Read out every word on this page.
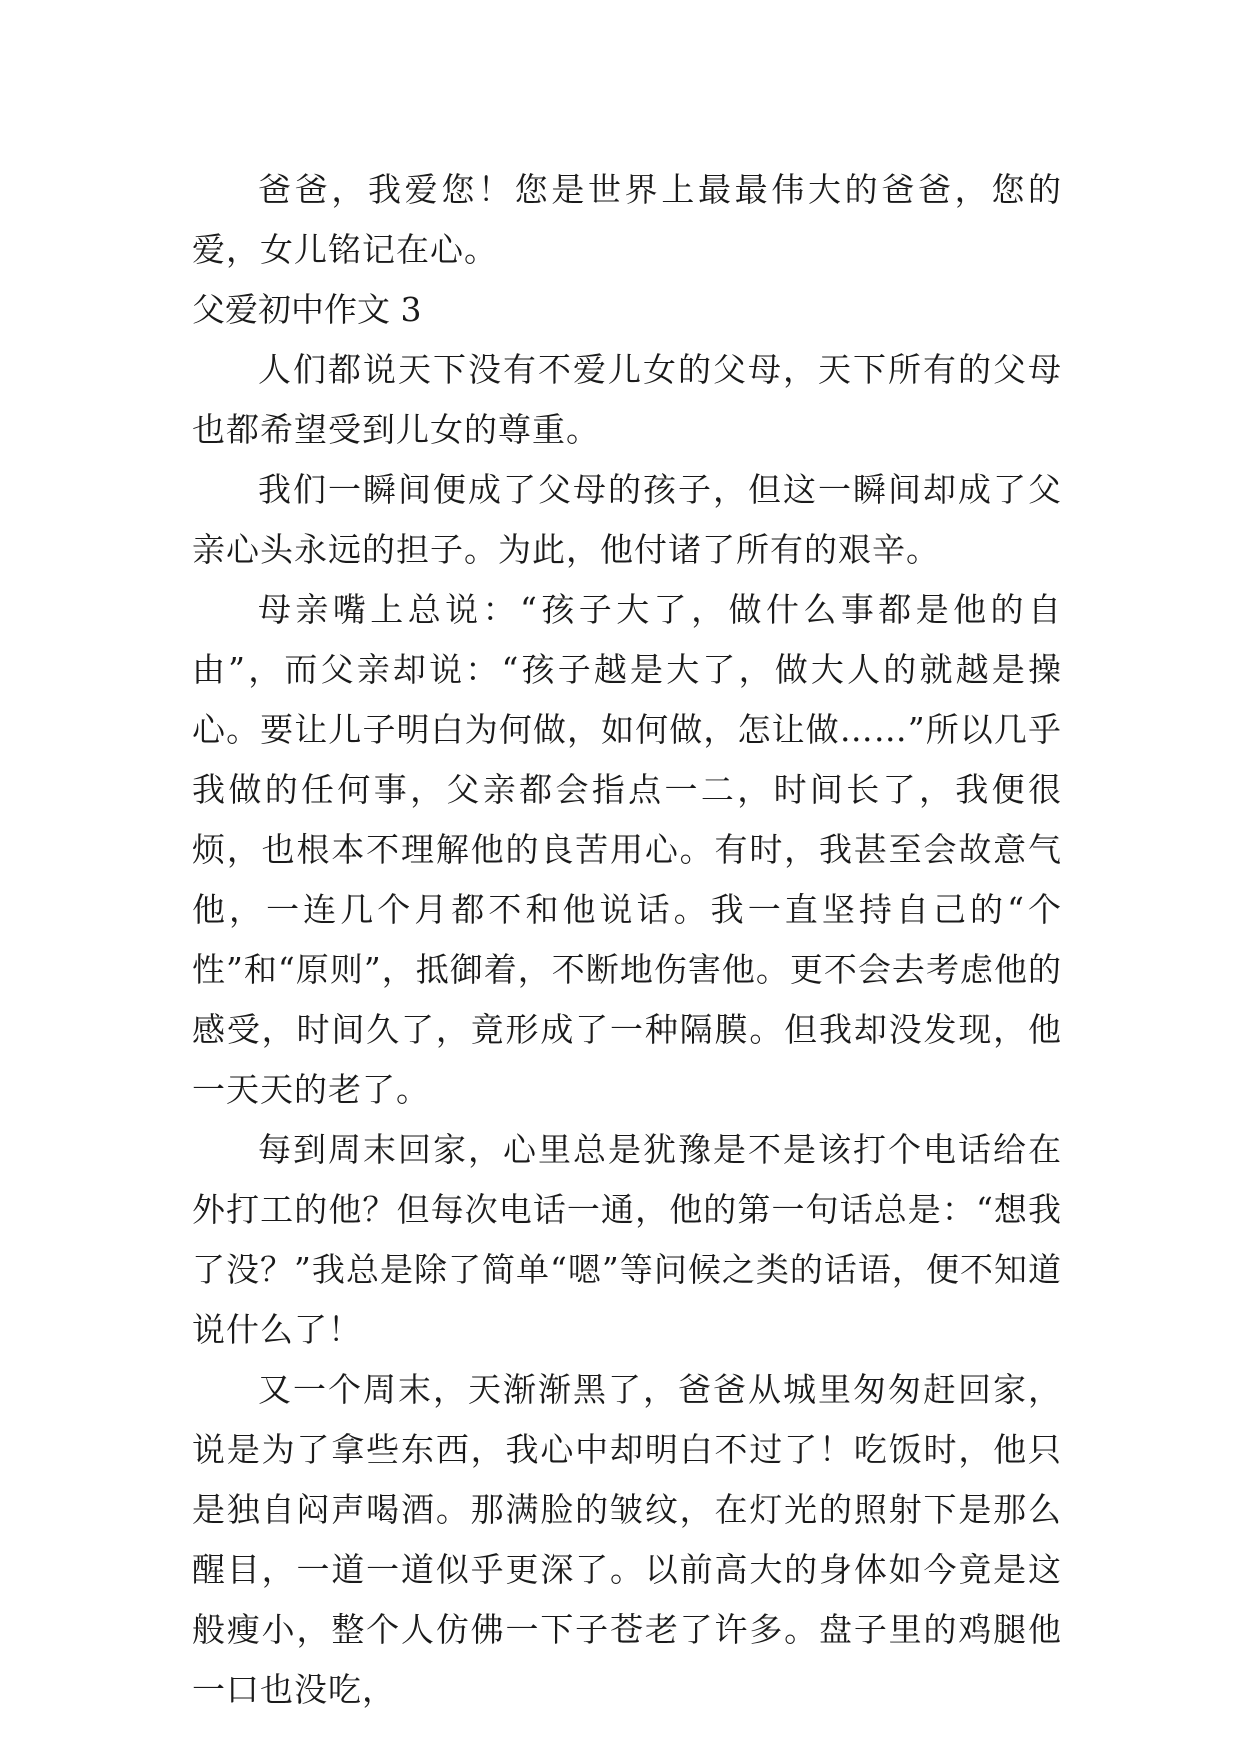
爸爸，我爱您！您是世界上最最伟大的爸爸，您的爱，女儿铭记在心。

父爱初中作文 3

人们都说天下没有不爱儿女的父母，天下所有的父母也都希望受到儿女的尊重。

我们一瞬间便成了父母的孩子，但这一瞬间却成了父亲心头永远的担子。为此，他付诸了所有的艰辛。

母亲嘴上总说：“孩子大了，做什么事都是他的自由”，而父亲却说：“孩子越是大了，做大人的就越是操心。要让儿子明白为何做，如何做，怎让做……”所以几乎我做的任何事，父亲都会指点一二，时间长了，我便很烦，也根本不理解他的良苦用心。有时，我甚至会故意气他，一连几个月都不和他说话。我一直坚持自己的“个性”和“原则”，抵御着，不断地伤害他。更不会去考虑他的感受，时间久了，竟形成了一种隔膜。但我却没发现，他一天天的老了。

每到周末回家，心里总是犹豫是不是该打个电话给在外打工的他？但每次电话一通，他的第一句话总是：“想我了没？”我总是除了简单“嗯”等问候之类的话语，便不知道说什么了！

又一个周末，天渐渐黑了，爸爸从城里匆匆赶回家，说是为了拿些东西，我心中却明白不过了！吃饭时，他只是独自闷声喝酒。那满脸的皱纹，在灯光的照射下是那么醒目，一道一道似乎更深了。以前高大的身体如今竟是这般瘦小，整个人仿佛一下子苍老了许多。盘子里的鸡腿他一口也没吃，
